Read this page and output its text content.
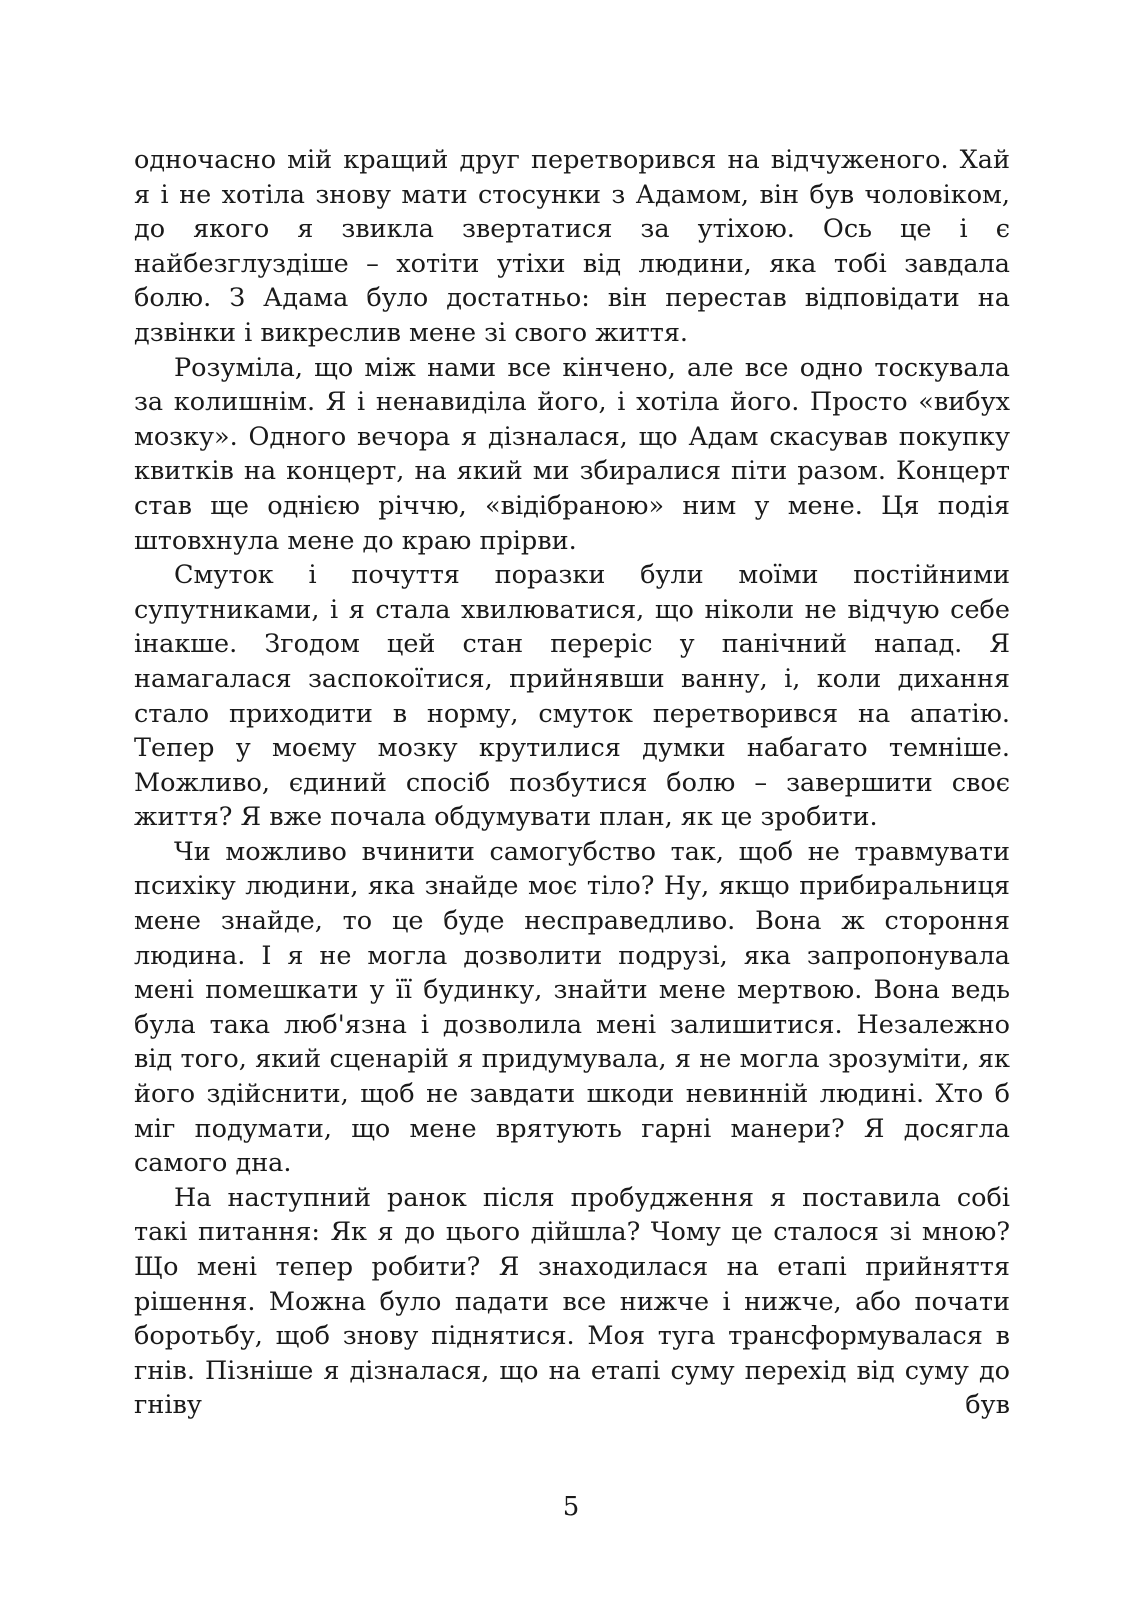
одночасно мій кращий друг перетворився на відчуженого. Хай я і не хотіла знову мати стосунки з Адамом, він був чоловіком, до якого я звикла звертатися за утіхою. Ось це і є найбезглуздіше – хотіти утіхи від людини, яка тобі завдала болю. З Адама було достатньо: він перестав відповідати на дзвінки і викреслив мене зі свого життя.

Розуміла, що між нами все кінчено, але все одно тоскувала за колишнім. Я і ненавиділа його, і хотіла його. Просто «вибух мозку». Одного вечора я дізналася, що Адам скасував покупку квитків на концерт, на який ми збиралися піти разом. Концерт став ще однією річчю, «відібраною» ним у мене. Ця подія штовхнула мене до краю прірви.

Смуток і почуття поразки були моїми постійними супутниками, і я стала хвилюватися, що ніколи не відчую себе інакше. Згодом цей стан переріс у панічний напад. Я намагалася заспокоїтися, прийнявши ванну, і, коли дихання стало приходити в норму, смуток перетворився на апатію. Тепер у моєму мозку крутилися думки набагато темніше. Можливо, єдиний спосіб позбутися болю – завершити своє життя? Я вже почала обдумувати план, як це зробити.

Чи можливо вчинити самогубство так, щоб не травмувати психіку людини, яка знайде моє тіло? Ну, якщо прибиральниця мене знайде, то це буде несправедливо. Вона ж стороння людина. І я не могла дозволити подрузі, яка запропонувала мені помешкати у її будинку, знайти мене мертвою. Вона ведь була така люб'язна і дозволила мені залишитися. Незалежно від того, який сценарій я придумувала, я не могла зрозуміти, як його здійснити, щоб не завдати шкоди невинній людині. Хто б міг подумати, що мене врятують гарні манери? Я досягла самого дна.

На наступний ранок після пробудження я поставила собі такі питання: Як я до цього дійшла? Чому це сталося зі мною? Що мені тепер робити? Я знаходилася на етапі прийняття рішення. Можна було падати все нижче і нижче, або почати боротьбу, щоб знову піднятися. Моя туга трансформувалася в гнів. Пізніше я дізналася, що на етапі суму перехід від суму до гніву був

5
